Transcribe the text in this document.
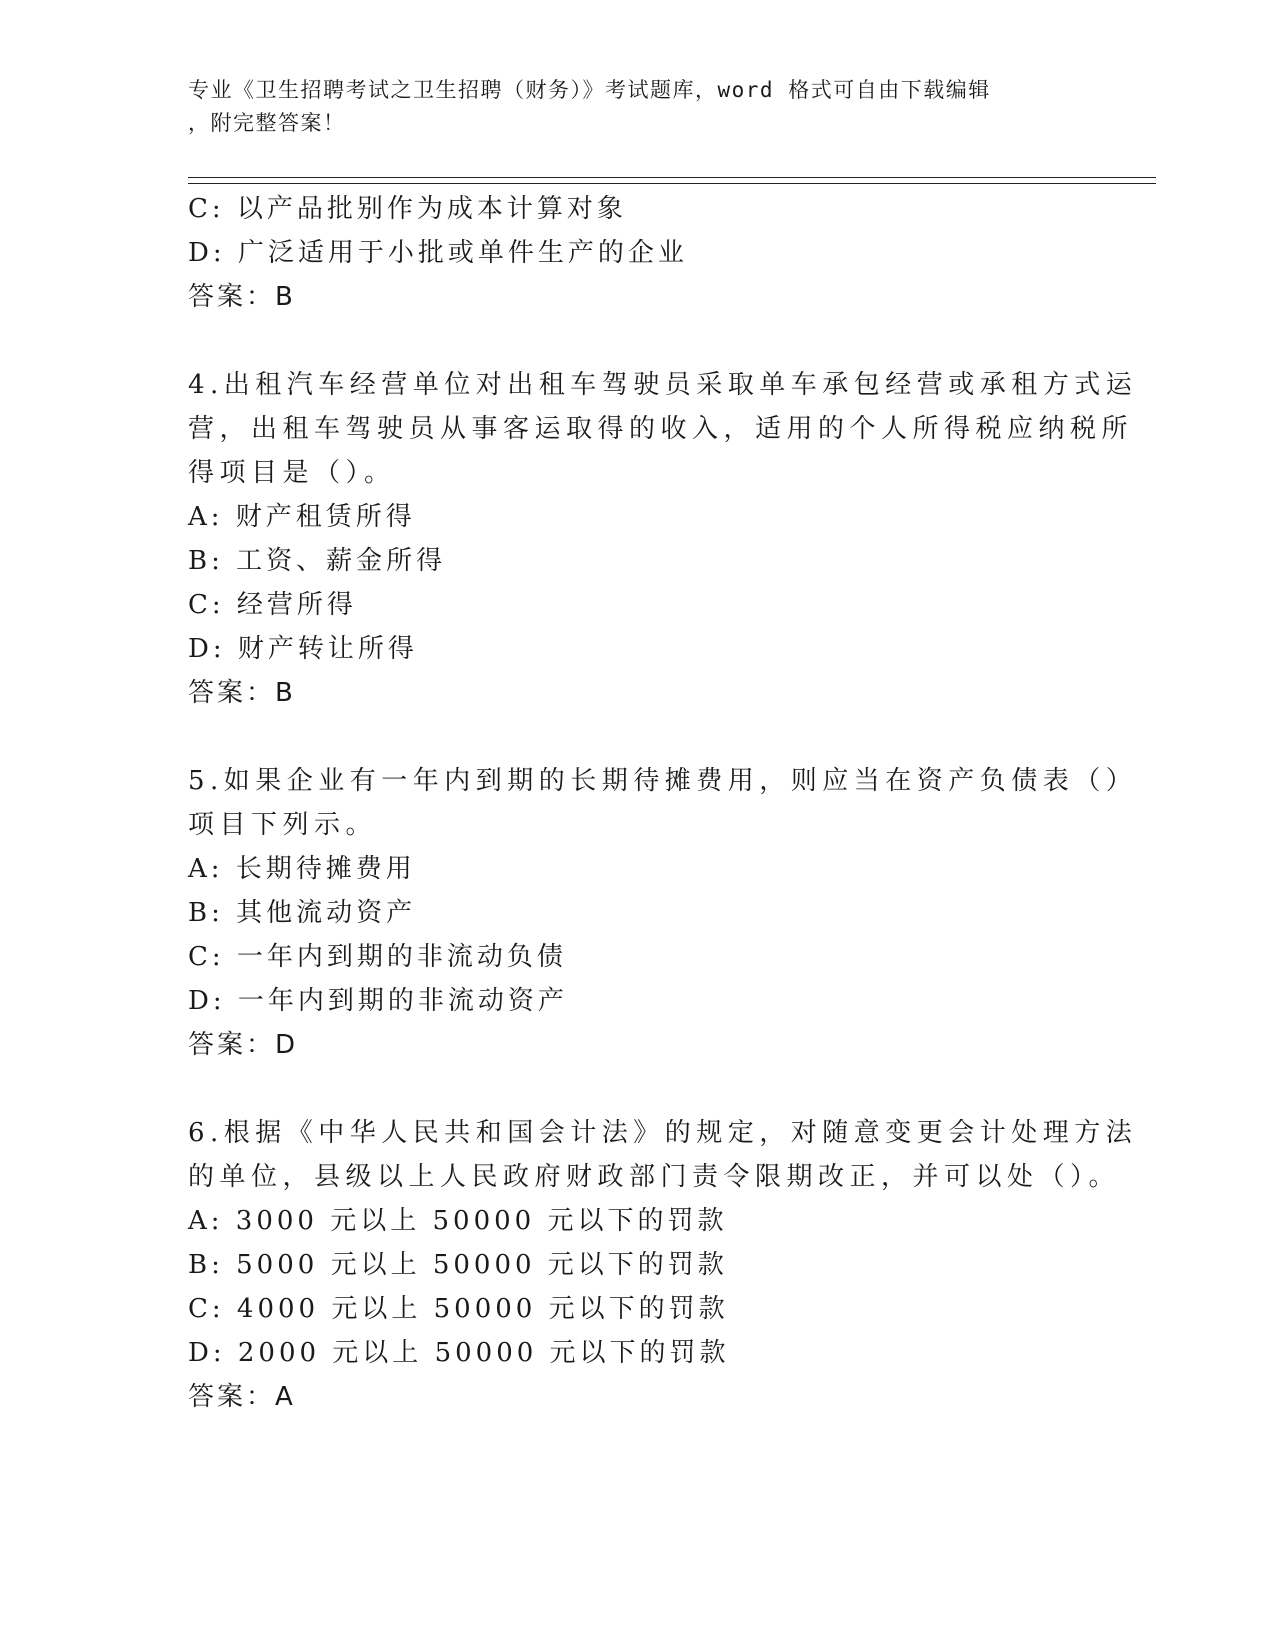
专业《卫生招聘考试之卫生招聘（财务）》考试题库，word 格式可自由下载编辑
，附完整答案！
C: 以产品批别作为成本计算对象
D: 广泛适用于小批或单件生产的企业
答案：B
4.出租汽车经营单位对出租车驾驶员采取单车承包经营或承租方式运
营，出租车驾驶员从事客运取得的收入，适用的个人所得税应纳税所
得项目是（）。
A: 财产租赁所得
B: 工资、薪金所得
C: 经营所得
D: 财产转让所得
答案：B
5.如果企业有一年内到期的长期待摊费用，则应当在资产负债表（）
项目下列示。
A: 长期待摊费用
B: 其他流动资产
C: 一年内到期的非流动负债
D: 一年内到期的非流动资产
答案：D
6.根据《中华人民共和国会计法》的规定，对随意变更会计处理方法
的单位，县级以上人民政府财政部门责令限期改正，并可以处（）。
A: 3000 元以上 50000 元以下的罚款
B: 5000 元以上 50000 元以下的罚款
C: 4000 元以上 50000 元以下的罚款
D: 2000 元以上 50000 元以下的罚款
答案：A
